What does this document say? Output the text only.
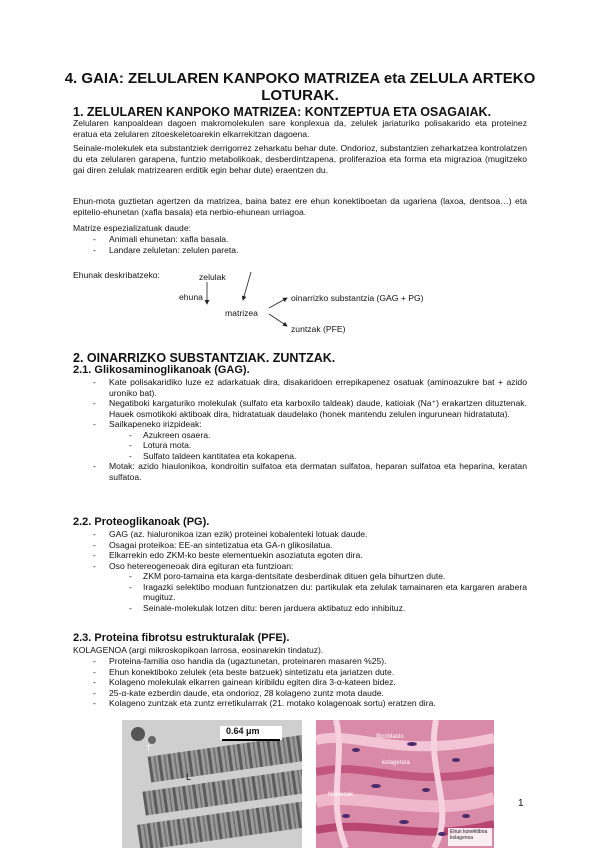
4. GAIA: ZELULAREN KANPOKO MATRIZEA eta ZELULA ARTEKO
LOTURAK.
1. ZELULAREN KANPOKO MATRIZEA: KONTZEPTUA ETA OSAGAIAK.
Zelularen kanpoaldean dagoen makromolekulen sare konplexua da, zelulek jariaturiko polisakarido eta proteinez eratua eta zelularen zitoeskeletoarekin elkarrekitzan dagoena.
Seinale-molekulek eta substantziek derrigorrez zeharkatu behar dute. Ondorioz, substantzien zeharkatzea kontrolatzen du eta zelularen garapena, funtzio metabolikoak, desberdintzapena, proliferazioa eta forma eta migrazioa (mugitzeko gai diren zelulak matrizearen erditik egin behar dute) eraentzen du.
Ehun-mota guztietan agertzen da matrizea, baina batez ere ehun konektiboetan da ugariena (laxoa, dentsoa…) eta epitelio-ehunetan (xafla basala) eta nerbio-ehunean urriagoa.
Matrize espezializatuak daude:
- Animali ehunetan: xafla basala.
- Landare zeluletan: zelulen pareta.
Ehunak deskribatzeko:	zelulak
ehuna
matrizea
oinarrizko substantzia (GAG + PG)
zuntzak (PFE)
2. OINARRIZKO SUBSTANTZIAK. ZUNTZAK.
2.1. Glikosaminoglikanoak (GAG).
- Kate polisakaridiko luze ez adarkatuak dira, disakaridoen errepikapenez osatuak (aminoazukre bat + azido uroniko bat).
- Negatiboki kargaturiko molekulak (sulfato eta karboxilo taldeak) daude, katioiak (Na⁺) erakartzen dituztenak. Hauek osmotikoki aktiboak dira, hidratatuak daudelako (honek mantendu zelulen ingurunean hidratatuta).
- Sailkapeneko irizpideak:
- Azukreen osaera.
- Lotura mota.
- Sulfato taldeen kantitatea eta kokapena.
- Motak: azido hiaulonikoa, kondroitin sulfatoa eta dermatan sulfatoa, heparan sulfatoa eta heparina, keratan sulfatoa.
2.2. Proteoglikanoak (PG).
- GAG (az. hialuronikoa izan ezik) proteinei kobalenteki lotuak daude.
- Osagai proteikoa: EE-an sintetizatua eta GA-n glikosilatua.
- Elkarrekin edo ZKM-ko beste elementuekin asoziatuta egoten dira.
- Oso hetereogeneoak dira egituran eta funtzioan:
- ZKM poro-tamaina eta karga-dentsitate desberdinak dituen gela bihurtzen dute.
- Iragazki selektibo moduan funtzionatzen du: partikulak eta zelulak tamainaren eta kargaren arabera mugituz.
- Seinale-molekulak lotzen ditu: beren jarduera aktibatuz edo inhibituz.
2.3. Proteina fibrotsu estrukturalak (PFE).
KOLAGENOA (argi mikroskopikoan larrosa, eosinarekin tindatuz).
- Proteina-familia oso handia da (ugaztunetan, proteinaren masaren %25).
- Ehun konektiboko zelulek (eta beste batzuek) sintetizatu eta jariatzen dute.
- Kolageno molekulak elkarren gainean kiribildu egiten dira 3-α-kateen bidez.
- 25-α-kate ezberdin daude, eta ondorioz, 28 kolageno zuntz mota daude.
- Kolageno zuntzak eta zuntz erretikularrak (21. motako kolagenoak sortu) eratzen dira.
0.64 μm
T
L
fibroblasto
kolagenoa
Nukleoak
Ehun konektiboa
kolagenoa
1
